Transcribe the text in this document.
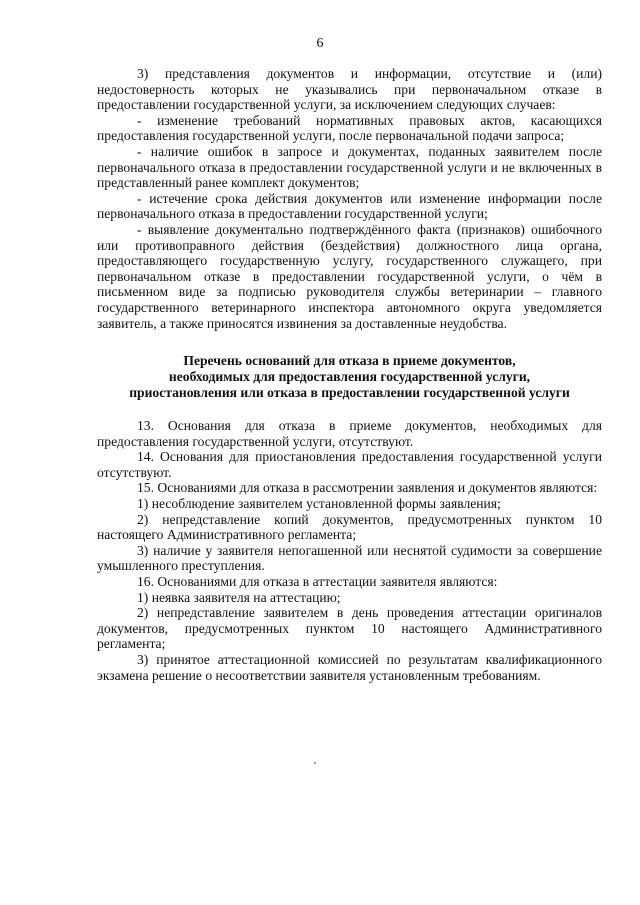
6

3) представления документов и информации, отсутствие и (или) недостоверность которых не указывались при первоначальном отказе в предоставлении государственной услуги, за исключением следующих случаев:

- изменение требований нормативных правовых актов, касающихся предоставления государственной услуги, после первоначальной подачи запроса;

- наличие ошибок в запросе и документах, поданных заявителем после первоначального отказа в предоставлении государственной услуги и не включенных в представленный ранее комплект документов;

- истечение срока действия документов или изменение информации после первоначального отказа в предоставлении государственной услуги;

- выявление документально подтверждённого факта (признаков) ошибочного или противоправного действия (бездействия) должностного лица органа, предоставляющего государственную услугу, государственного служащего, при первоначальном отказе в предоставлении государственной услуги, о чём в письменном виде за подписью руководителя службы ветеринарии – главного государственного ветеринарного инспектора автономного округа уведомляется заявитель, а также приносятся извинения за доставленные неудобства.

Перечень оснований для отказа в приеме документов,
необходимых для предоставления государственной услуги,
приостановления или отказа в предоставлении государственной услуги

13. Основания для отказа в приеме документов, необходимых для предоставления государственной услуги, отсутствуют.

14. Основания для приостановления предоставления государственной услуги отсутствуют.

15. Основаниями для отказа в рассмотрении заявления и документов являются:

1) несоблюдение заявителем установленной формы заявления;

2) непредставление копий документов, предусмотренных пунктом 10 настоящего Административного регламента;

3) наличие у заявителя непогашенной или неснятой судимости за совершение умышленного преступления.

16. Основаниями для отказа в аттестации заявителя являются:

1) неявка заявителя на аттестацию;

2) непредставление заявителем в день проведения аттестации оригиналов документов, предусмотренных пунктом 10 настоящего Административного регламента;

3) принятое аттестационной комиссией по результатам квалификационного экзамена решение о несоответствии заявителя установленным требованиям.
